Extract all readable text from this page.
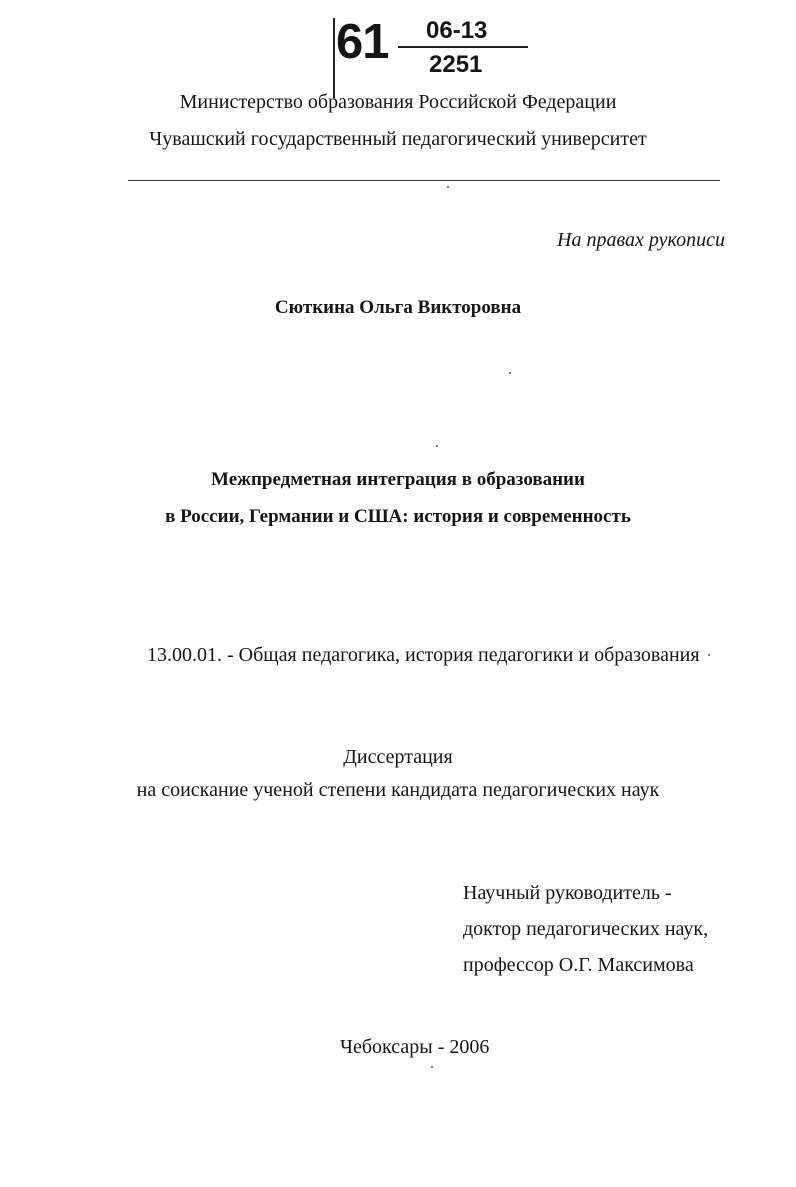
61 06-13
2251
Министерство образования Российской Федерации
Чувашский государственный педагогический университет
На правах рукописи
Сюткина Ольга Викторовна
Межпредметная интеграция в образовании
в России, Германии и США: история и современность
13.00.01. - Общая педагогика, история педагогики и образования
Диссертация
на соискание ученой степени кандидата педагогических наук
Научный руководитель -
доктор педагогических наук,
профессор О.Г. Максимова
Чебоксары - 2006
